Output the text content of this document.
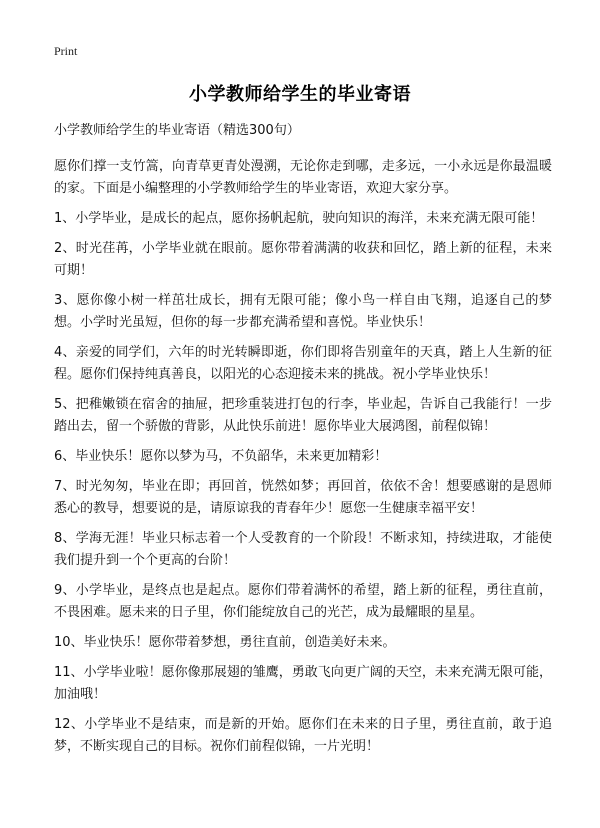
Print
小学教师给学生的毕业寄语
小学教师给学生的毕业寄语（精选300句）

愿你们撑一支竹篙，向青草更青处漫溯，无论你走到哪，走多远，一小永远是你最温暖的家。下面是小编整理的小学教师给学生的毕业寄语，欢迎大家分享。

1、小学毕业，是成长的起点，愿你扬帆起航，驶向知识的海洋，未来充满无限可能！

2、时光荏苒，小学毕业就在眼前。愿你带着满满的收获和回忆，踏上新的征程，未来可期！

3、愿你像小树一样茁壮成长，拥有无限可能；像小鸟一样自由飞翔，追逐自己的梦想。小学时光虽短，但你的每一步都充满希望和喜悦。毕业快乐！

4、亲爱的同学们，六年的时光转瞬即逝，你们即将告别童年的天真，踏上人生新的征程。愿你们保持纯真善良，以阳光的心态迎接未来的挑战。祝小学毕业快乐！

5、把稚嫩锁在宿舍的抽屉，把珍重装进打包的行李，毕业起，告诉自己我能行！一步踏出去，留一个骄傲的背影，从此快乐前进！愿你毕业大展鸿图，前程似锦！

6、毕业快乐！愿你以梦为马，不负韶华，未来更加精彩！

7、时光匆匆，毕业在即；再回首，恍然如梦；再回首，依依不舍！想要感谢的是恩师悉心的教导，想要说的是，请原谅我的青春年少！愿您一生健康幸福平安！

8、学海无涯！毕业只标志着一个人受教育的一个阶段！不断求知，持续进取，才能使我们提升到一个个更高的台阶！

9、小学毕业，是终点也是起点。愿你们带着满怀的希望，踏上新的征程，勇往直前，不畏困难。愿未来的日子里，你们能绽放自己的光芒，成为最耀眼的星星。

10、毕业快乐！愿你带着梦想，勇往直前，创造美好未来。

11、小学毕业啦！愿你像那展翅的雏鹰，勇敢飞向更广阔的天空，未来充满无限可能，加油哦！

12、小学毕业不是结束，而是新的开始。愿你们在未来的日子里，勇往直前，敢于追梦，不断实现自己的目标。祝你们前程似锦，一片光明！
